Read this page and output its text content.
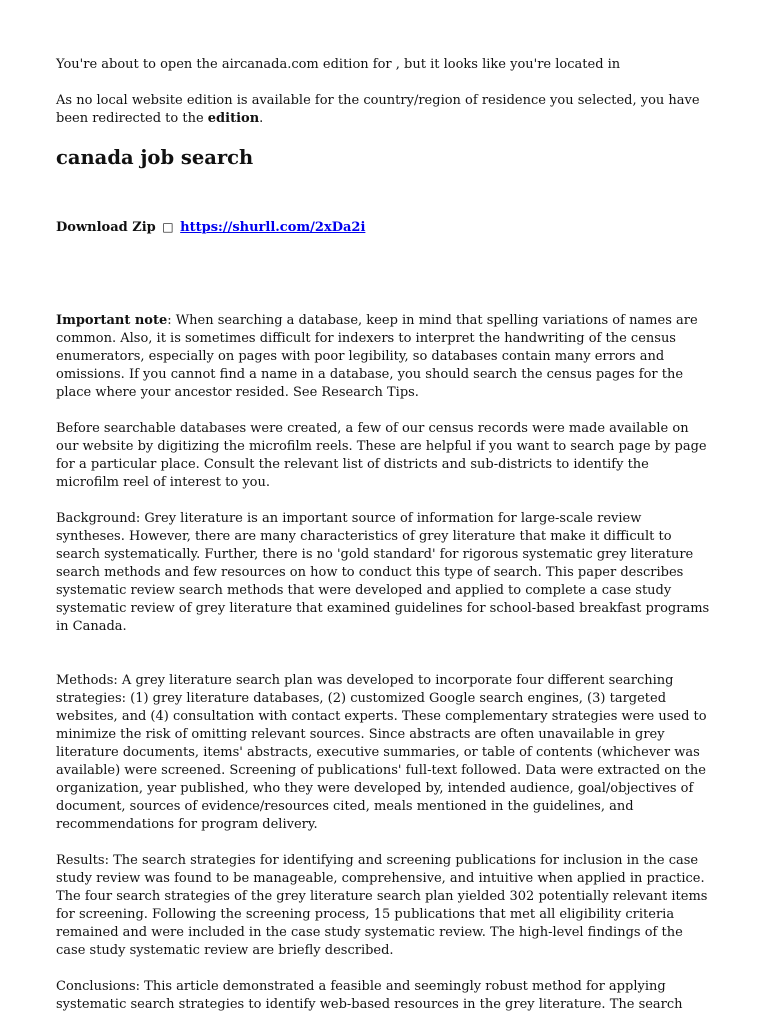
You're about to open the aircanada.com edition for , but it looks like you're located in

As no local website edition is available for the country/region of residence you selected, you have been redirected to the edition.

canada job search

Download Zip □ https://shurll.com/2xDa2i

Important note: When searching a database, keep in mind that spelling variations of names are common. Also, it is sometimes difficult for indexers to interpret the handwriting of the census enumerators, especially on pages with poor legibility, so databases contain many errors and omissions. If you cannot find a name in a database, you should search the census pages for the place where your ancestor resided. See Research Tips.

Before searchable databases were created, a few of our census records were made available on our website by digitizing the microfilm reels. These are helpful if you want to search page by page for a particular place. Consult the relevant list of districts and sub-districts to identify the microfilm reel of interest to you.

Background: Grey literature is an important source of information for large-scale review syntheses. However, there are many characteristics of grey literature that make it difficult to search systematically. Further, there is no 'gold standard' for rigorous systematic grey literature search methods and few resources on how to conduct this type of search. This paper describes systematic review search methods that were developed and applied to complete a case study systematic review of grey literature that examined guidelines for school-based breakfast programs in Canada.

Methods: A grey literature search plan was developed to incorporate four different searching strategies: (1) grey literature databases, (2) customized Google search engines, (3) targeted websites, and (4) consultation with contact experts. These complementary strategies were used to minimize the risk of omitting relevant sources. Since abstracts are often unavailable in grey literature documents, items' abstracts, executive summaries, or table of contents (whichever was available) were screened. Screening of publications' full-text followed. Data were extracted on the organization, year published, who they were developed by, intended audience, goal/objectives of document, sources of evidence/resources cited, meals mentioned in the guidelines, and recommendations for program delivery.

Results: The search strategies for identifying and screening publications for inclusion in the case study review was found to be manageable, comprehensive, and intuitive when applied in practice. The four search strategies of the grey literature search plan yielded 302 potentially relevant items for screening. Following the screening process, 15 publications that met all eligibility criteria remained and were included in the case study systematic review. The high-level findings of the case study systematic review are briefly described.

Conclusions: This article demonstrated a feasible and seemingly robust method for applying systematic search strategies to identify web-based resources in the grey literature. The search
